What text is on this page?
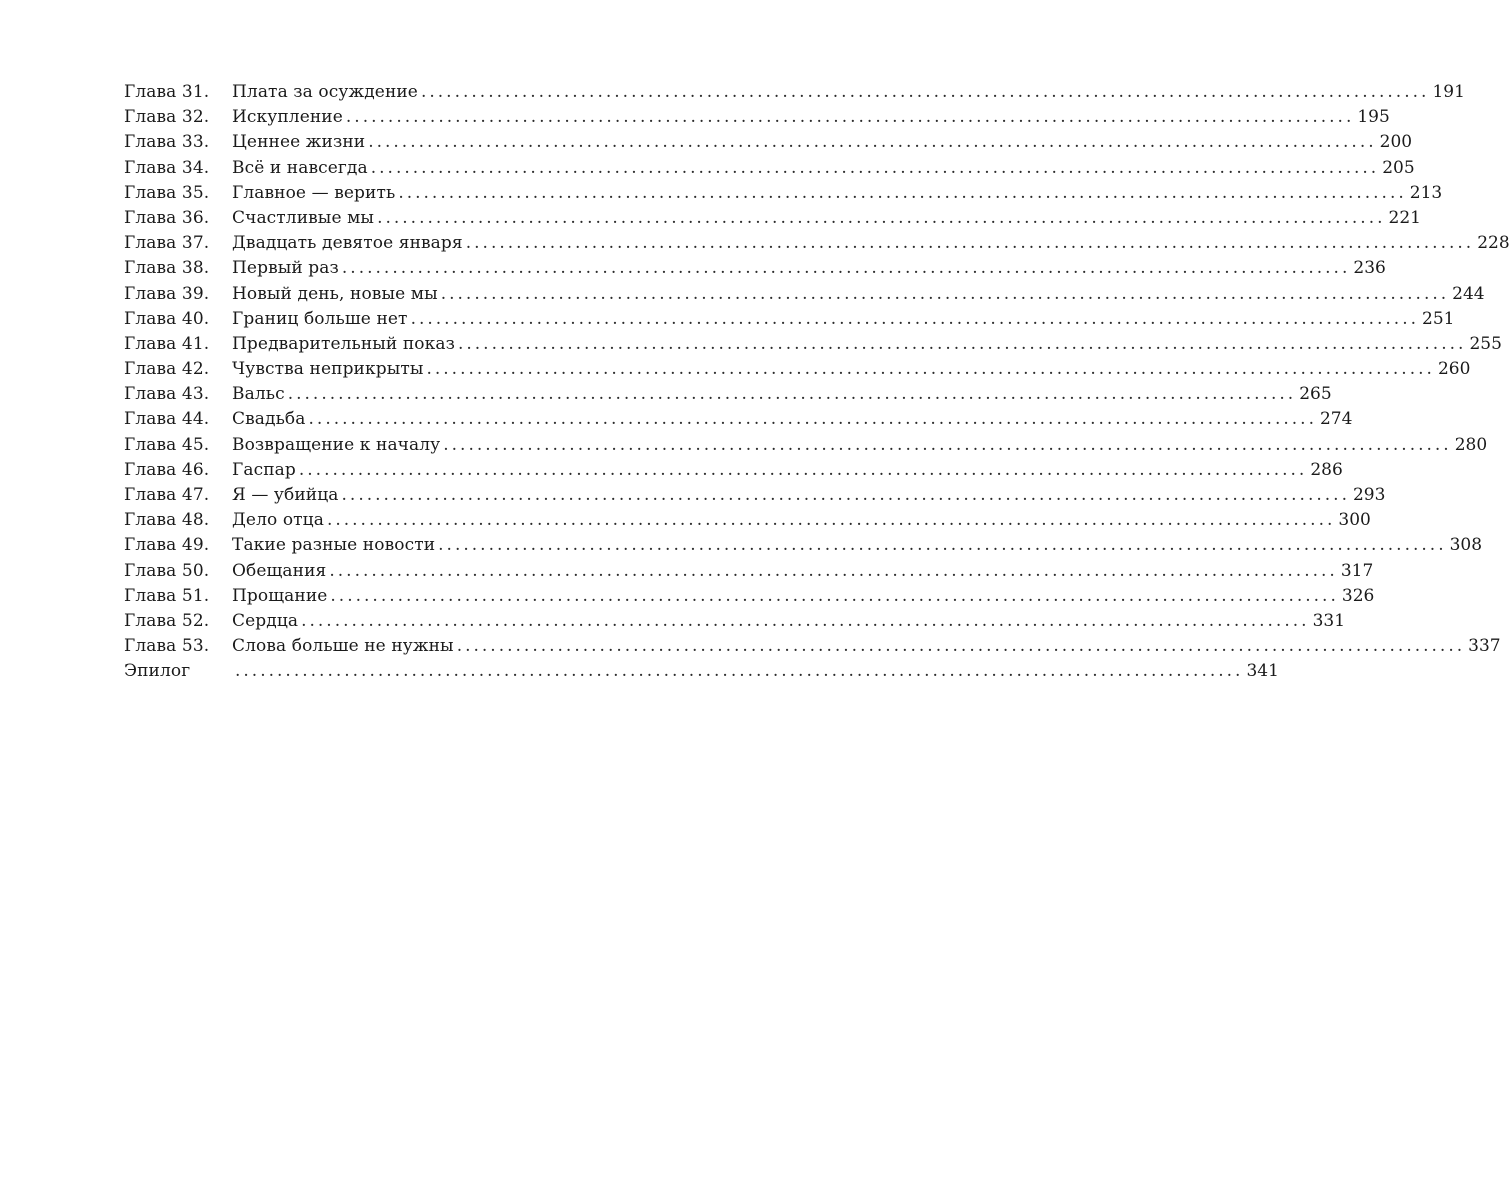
Глава 31.	Плата за осуждение ........................................................................................................................ 191
Глава 32.	Искупление ........................................................................................................................ 195
Глава 33.	Ценнее жизни ........................................................................................................................ 200
Глава 34.	Всё и навсегда ........................................................................................................................ 205
Глава 35.	Главное — верить ........................................................................................................................ 213
Глава 36.	Счастливые мы ........................................................................................................................ 221
Глава 37.	Двадцать девятое января ........................................................................................................................ 228
Глава 38.	Первый раз ........................................................................................................................ 236
Глава 39.	Новый день, новые мы ........................................................................................................................ 244
Глава 40.	Границ больше нет ........................................................................................................................ 251
Глава 41.	Предварительный показ ........................................................................................................................ 255
Глава 42.	Чувства неприкрыты ........................................................................................................................ 260
Глава 43.	Вальс ........................................................................................................................ 265
Глава 44.	Свадьба ........................................................................................................................ 274
Глава 45.	Возвращение к началу ........................................................................................................................ 280
Глава 46.	Гаспар ........................................................................................................................ 286
Глава 47.	Я — убийца ........................................................................................................................ 293
Глава 48.	Дело отца ........................................................................................................................ 300
Глава 49.	Такие разные новости ........................................................................................................................ 308
Глава 50.	Обещания ........................................................................................................................ 317
Глава 51.	Прощание ........................................................................................................................ 326
Глава 52.	Сердца ........................................................................................................................ 331
Глава 53.	Слова больше не нужны ........................................................................................................................ 337
Эпилог	........................................................................................................................ 341
